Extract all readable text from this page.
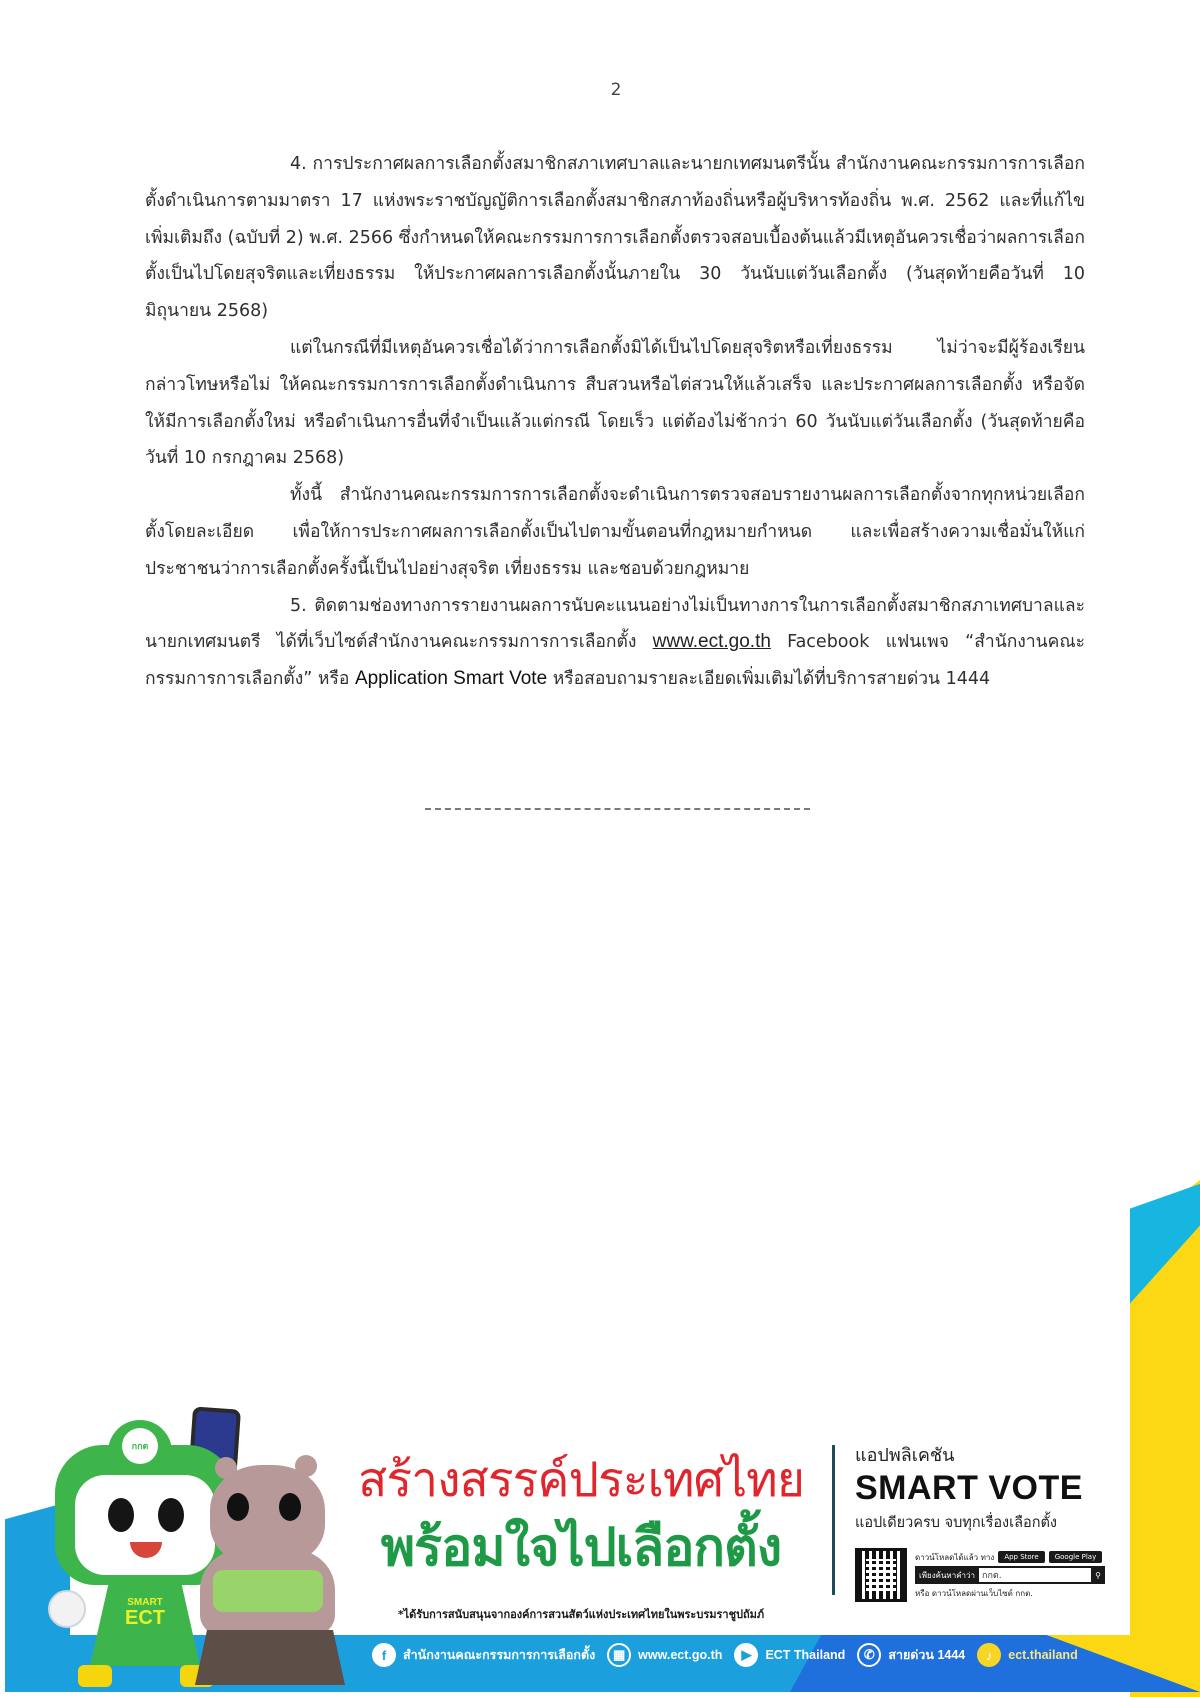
2

4. การประกาศผลการเลือกตั้งสมาชิกสภาเทศบาลและนายกเทศมนตรีนั้น สำนักงานคณะกรรมการการเลือกตั้งดำเนินการตามมาตรา 17 แห่งพระราชบัญญัติการเลือกตั้งสมาชิกสภาท้องถิ่นหรือผู้บริหารท้องถิ่น พ.ศ. 2562 และที่แก้ไขเพิ่มเติมถึง (ฉบับที่ 2) พ.ศ. 2566 ซึ่งกำหนดให้คณะกรรมการการเลือกตั้งตรวจสอบเบื้องต้นแล้วมีเหตุอันควรเชื่อว่าผลการเลือกตั้งเป็นไปโดยสุจริตและเที่ยงธรรม ให้ประกาศผลการเลือกตั้งนั้นภายใน 30 วันนับแต่วันเลือกตั้ง (วันสุดท้ายคือวันที่ 10 มิถุนายน 2568)

แต่ในกรณีที่มีเหตุอันควรเชื่อได้ว่าการเลือกตั้งมิได้เป็นไปโดยสุจริตหรือเที่ยงธรรม ไม่ว่าจะมีผู้ร้องเรียนกล่าวโทษหรือไม่ ให้คณะกรรมการการเลือกตั้งดำเนินการ สืบสวนหรือไต่สวนให้แล้วเสร็จ และประกาศผลการเลือกตั้ง หรือจัดให้มีการเลือกตั้งใหม่ หรือดำเนินการอื่นที่จำเป็นแล้วแต่กรณี โดยเร็ว แต่ต้องไม่ช้ากว่า 60 วันนับแต่วันเลือกตั้ง (วันสุดท้ายคือวันที่ 10 กรกฎาคม 2568)

ทั้งนี้ สำนักงานคณะกรรมการการเลือกตั้งจะดำเนินการตรวจสอบรายงานผลการเลือกตั้งจากทุกหน่วยเลือกตั้งโดยละเอียด เพื่อให้การประกาศผลการเลือกตั้งเป็นไปตามขั้นตอนที่กฎหมายกำหนด และเพื่อสร้างความเชื่อมั่นให้แก่ประชาชนว่าการเลือกตั้งครั้งนี้เป็นไปอย่างสุจริต เที่ยงธรรม และชอบด้วยกฎหมาย

5. ติดตามช่องทางการรายงานผลการนับคะแนนอย่างไม่เป็นทางการในการเลือกตั้งสมาชิกสภาเทศบาลและนายกเทศมนตรี ได้ที่เว็บไซต์สำนักงานคณะกรรมการการเลือกตั้ง www.ect.go.th Facebook แฟนเพจ “สำนักงานคณะกรรมการการเลือกตั้ง” หรือ Application Smart Vote หรือสอบถามรายละเอียดเพิ่มเติมได้ที่บริการสายด่วน 1444

กกต
SMART
ECT
สร้างสรรค์ประเทศไทย
พร้อมใจไปเลือกตั้ง
*ได้รับการสนับสนุนจากองค์การสวนสัตว์แห่งประเทศไทยในพระบรมราชูปถัมภ์
แอปพลิเคชัน
SMART VOTE
แอปเดียวครบ จบทุกเรื่องเลือกตั้ง
ดาวน์โหลดได้แล้ว ทาง	App Store	Google Play
เพียงค้นหาคำว่า กกต.	⚲
หรือ ดาวน์โหลดผ่านเว็บไซต์ กกต.
f	สำนักงานคณะกรรมการการเลือกตั้ง	▦	www.ect.go.th	▶	ECT Thailand	✆	สายด่วน 1444	♪	ect.thailand
